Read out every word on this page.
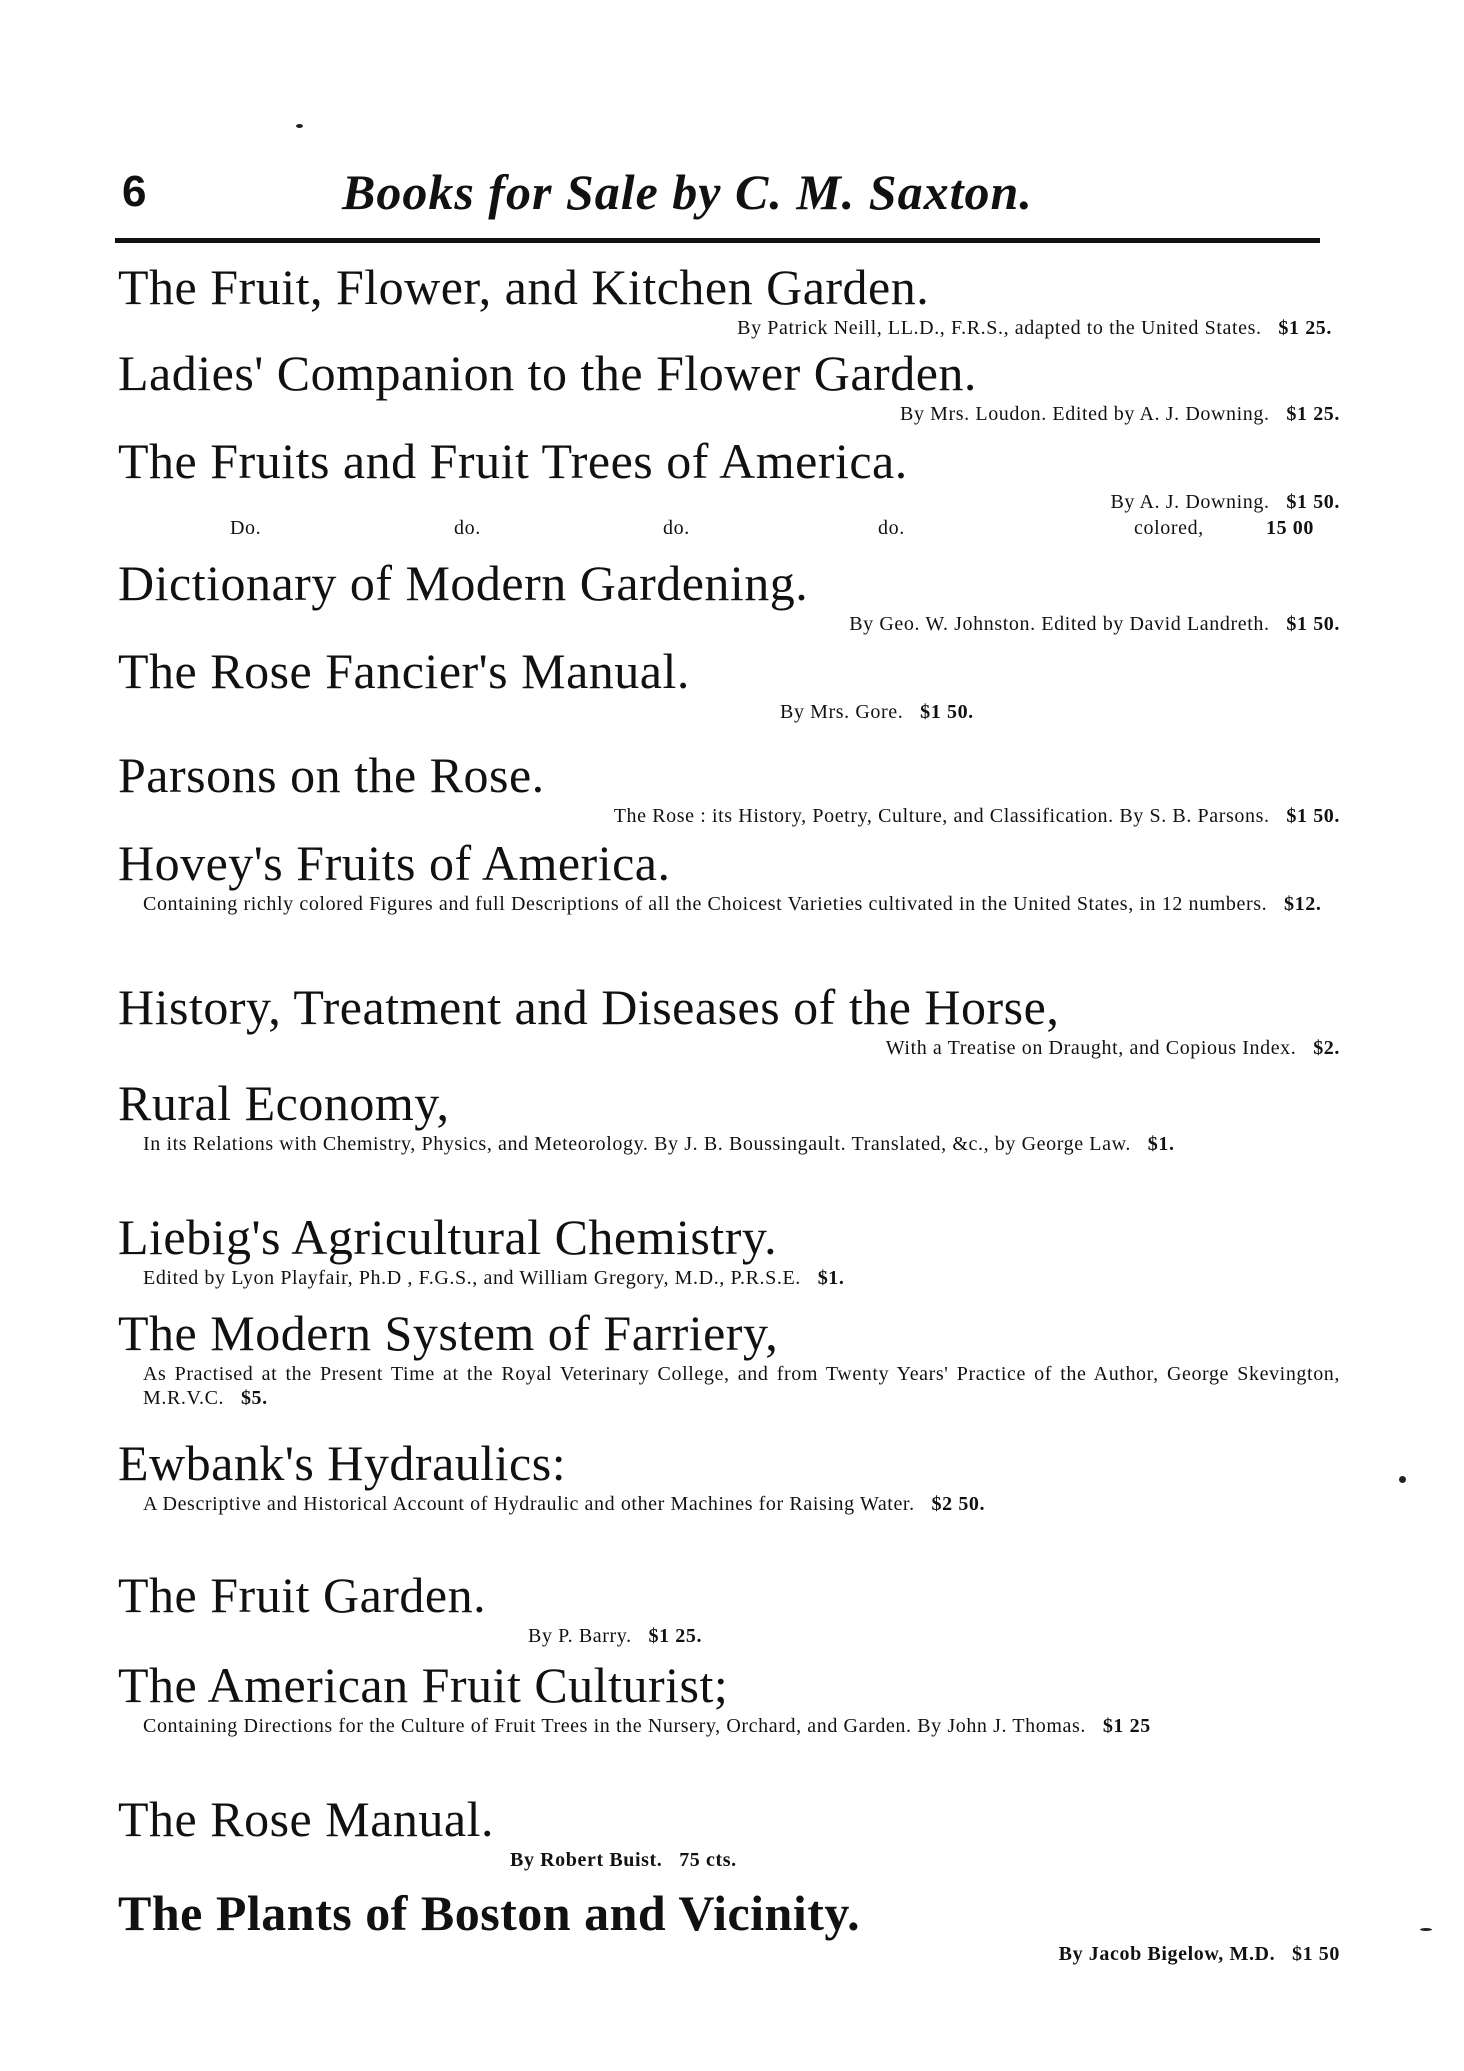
6	Books for Sale by C. M. Saxton.
The Fruit, Flower, and Kitchen Garden.
By Patrick Neill, LL.D., F.R.S., adapted to the United States. $1 25.
Ladies' Companion to the Flower Garden.
By Mrs. Loudon. Edited by A. J. Downing. $1 25.
The Fruits and Fruit Trees of America.
By A. J. Downing. $1 50.
Do.	do.	do.	do.	colored,	15 00
Dictionary of Modern Gardening.
By Geo. W. Johnston. Edited by David Landreth. $1 50.
The Rose Fancier's Manual.
By Mrs. Gore. $1 50.
Parsons on the Rose.
The Rose : its History, Poetry, Culture, and Classification. By S. B. Parsons. $1 50.
Hovey's Fruits of America.
Containing richly colored Figures and full Descriptions of all the Choicest Varieties cultivated in the United States, in 12 numbers. $12.
History, Treatment and Diseases of the Horse,
With a Treatise on Draught, and Copious Index. $2.
Rural Economy,
In its Relations with Chemistry, Physics, and Meteorology. By J. B. Boussingault. Translated, &c., by George Law. $1.
Liebig's Agricultural Chemistry.
Edited by Lyon Playfair, Ph.D , F.G.S., and William Gregory, M.D., P.R.S.E. $1.
The Modern System of Farriery,
As Practised at the Present Time at the Royal Veterinary College, and from Twenty Years' Practice of the Author, George Skevington, M.R.V.C. $5.
Ewbank's Hydraulics:
A Descriptive and Historical Account of Hydraulic and other Machines for Raising Water. $2 50.
The Fruit Garden.
By P. Barry. $1 25.
The American Fruit Culturist;
Containing Directions for the Culture of Fruit Trees in the Nursery, Orchard, and Garden. By John J. Thomas. $1 25
The Rose Manual.
By Robert Buist. 75 cts.
The Plants of Boston and Vicinity.
By Jacob Bigelow, M.D. $1 50
